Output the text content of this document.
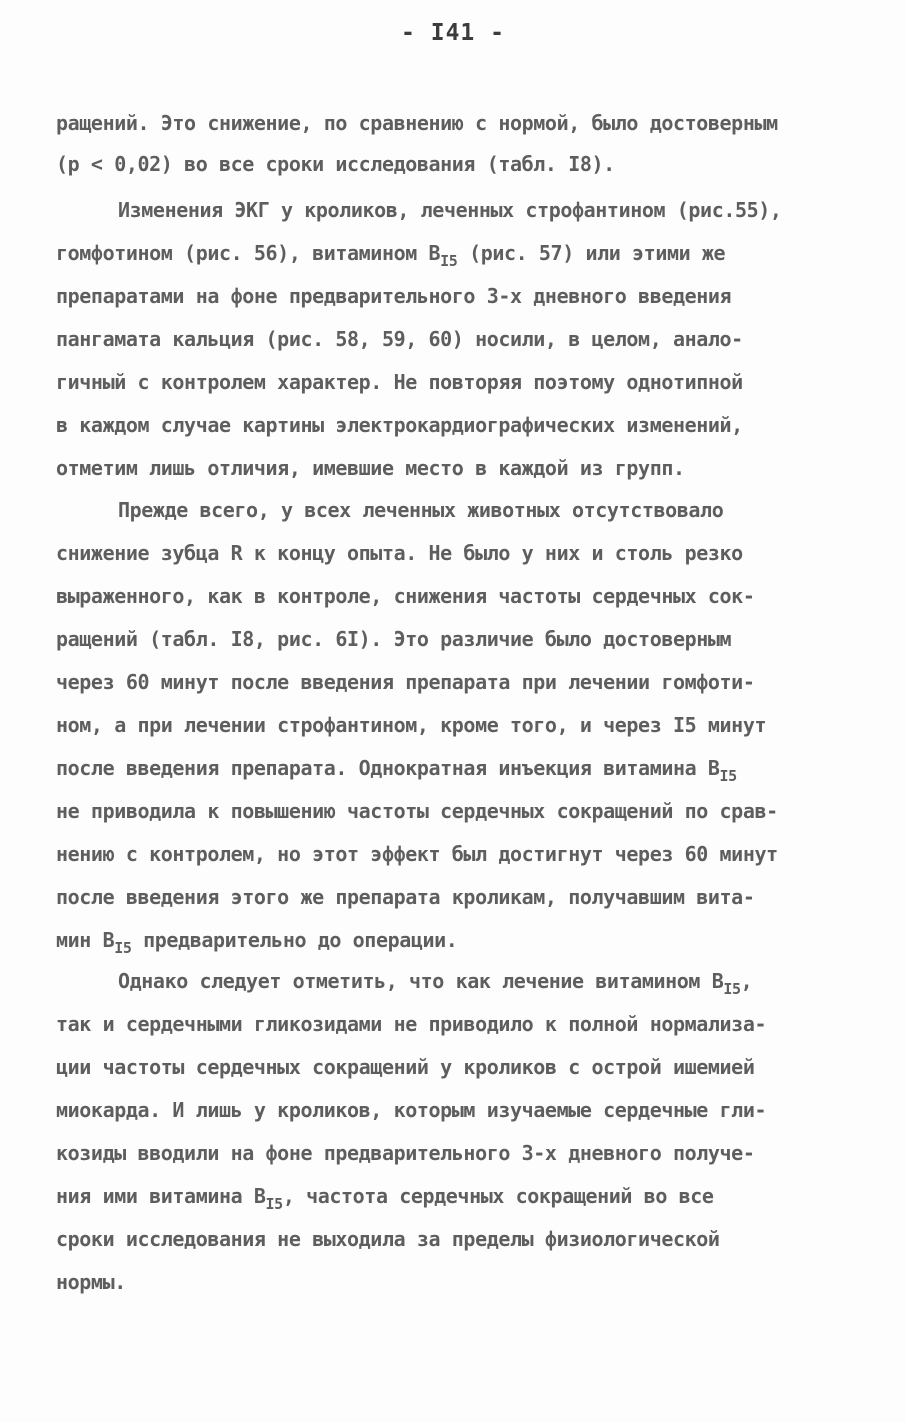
- I41 -
ращений. Это снижение, по сравнению с нормой, было достоверным
(р < 0,02) во все сроки исследования (табл. I8).
Изменения ЭКГ у кроликов, леченных строфантином (рис.55),
гомфотином (рис. 56), витамином $В_{I5}$ (рис. 57) или этими же
препаратами на фоне предварительного 3-х дневного введения
пангамата кальция (рис. 58, 59, 60) носили, в целом, анало-
гичный с контролем характер. Не повторяя поэтому однотипной
в каждом случае картины электрокардиографических изменений,
отметим лишь отличия, имевшие место в каждой из групп.
Прежде всего, у всех леченных животных отсутствовало
снижение зубца R к концу опыта. Не было у них и столь резко
выраженного, как в контроле, снижения частоты сердечных сок-
ращений (табл. I8, рис. 6I). Это различие было достоверным
через 60 минут после введения препарата при лечении гомфоти-
ном, а при лечении строфантином, кроме того, и через I5 минут
после введения препарата. Однократная инъекция витамина $В_{I5}$
не приводила к повышению частоты сердечных сокращений по срав-
нению с контролем, но этот эффект был достигнут через 60 минут
после введения этого же препарата кроликам, получавшим вита-
мин $В_{I5}$ предварительно до операции.
Однако следует отметить, что как лечение витамином $В_{I5}$,
так и сердечными гликозидами не приводило к полной нормализа-
ции частоты сердечных сокращений у кроликов с острой ишемией
миокарда. И лишь у кроликов, которым изучаемые сердечные гли-
козиды вводили на фоне предварительного 3-х дневного получе-
ния ими витамина $В_{I5}$, частота сердечных сокращений во все
сроки исследования не выходила за пределы физиологической
нормы.
